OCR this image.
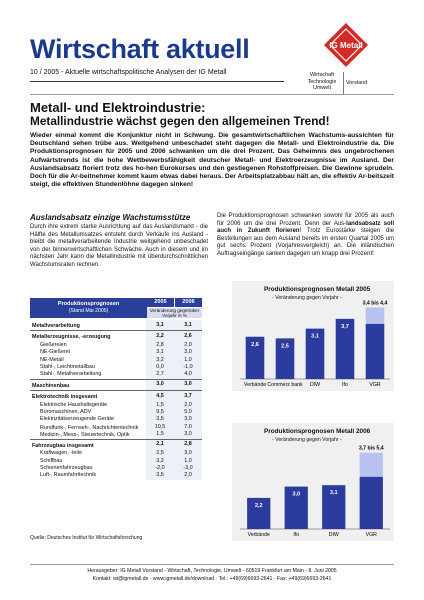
Wirtschaft aktuell
10 / 2005 - Aktuelle wirtschaftspolitische Analysen der IG Metall
IG Metall
Wirtschaft
Technologie
Umwelt
Vorstand
Metall- und Elektroindustrie:
Metallindustrie wächst gegen den allgemeinen Trend!
Wieder einmal kommt die Konjunktur nicht in Schwung. Die gesamtwirtschaftlichen Wachstums-aussichten für Deutschland sehen trübe aus. Weitgehend unbeschadet steht dagegen die Metall- und Elektroindustrie da. Die Produktionsprognosen für 2005 und 2006 schwanken um die drei Prozent. Das Geheimnis des ungebrochenen Aufwärtstrends ist die hohe Wettbewerbsfähigkeit deutscher Metall- und Elektroerzeugnisse im Ausland. Der Auslandsabsatz floriert trotz des ho-hen Eurokurses und den gestiegenen Rohstoffpreisen. Die Gewinne sprudeln. Doch für die Ar-beitnehmer kommt kaum etwas dabei heraus. Der Arbeitsplatzabbau hält an, die effektiv Ar-beitszeit steigt, die effektiven Stundenlöhne dagegen sinken!
Auslandsabsatz einzige Wachstumsstütze
Durch ihre extrem starke Ausrichtung auf das Auslandsmarkt - die Hälfte des Metallumsatzes entsteht durch Verkäufe ins Ausland - bleibt die metallverarbeitende Industrie weitgehend unbeschadet von der binnenwirtschaftlichen Schwäche. Auch in diesem und im nächsten Jahr kann die Metallindustrie mit überdurchschnittlichen Wachstumsraten rechnen.
Die Produktionsprognosen schwanken sowohl für 2005 als auch für 2006 um die drei Prozent. Denn der Aus-landsabsatz soll auch in Zukunft florieren! Trotz Eurostärke steigen die Bestellungen aus dem Ausland bereits im ersten Quartal 2005 um gut sechs Prozent (Vorjahresvergleich) an. Die inländischen Auftragseingänge sanken dagegen um knapp drei Prozent!
Produktionsprognosen
(Stand Mai 2005)
2005	2006
Veränderung gegenüber Vorjahr in %
Metallverarbeitung	3,1	3,1
Metallerzeugnisse, -erzeugung	2,2	2,6
Gießereien	2,8	2,0
NE-Gießerei	3,1	3,0
NE-Metall	3,2	1,0
Stahl-, Leichtmetallbau	0,0	-1,0
Stahl-, Metallverarbeitung	2,7	4,0
Maschinenbau	3,0	3,0
Elektrotechnik insgesamt	4,5	3,7
Elektrische Haushaltsgeräte	1,5	2,0
Büromaschinen, ADV	9,5	5,0
Elektrizitätserzeugende Geräte	3,5	3,0
Rundfunk-, Fernseh-, Nachrichtentechnik	10,5	7,0
Medizin-, Mess-, Steuertechnik, Optik	1,5	3,0
Fahrzeugbau insgesamt	2,1	2,8
Kraftwagen, -teile	2,5	3,0
Schiffbau	3,2	1,0
Schienenfahrzeugbau	-2,0	-3,0
Luft-, Raumfahrttechnik	3,5	2,0
Quelle: Deutsches Institut für Wirtschaftsforschung
Produktionsprognosen Metall 2005
- Veränderung gegen Vorjahr -
2,6
Verbände
2,5
Commerz bank
3,1
DIW
3,7
Ifo
3,4 bis 4,4
VGR
Produktionsprognosen Metall 2006
- Veränderung gegen Vorjahr -
2,2
Verbände
3,0
Ifo
3,1
DIW
3,7 bis 5,4
VGR
Herausgeber: IG Metall Vorstand - Wirtschaft, Technologie, Umwelt - 60519 Frankfurt am Main - 8. Juni 2005
Kontakt: wi@igmetall.de · www.igmetall.de/download · Tel.: +49(69)6693-2641 · Fax: +49(69)6693-2641
